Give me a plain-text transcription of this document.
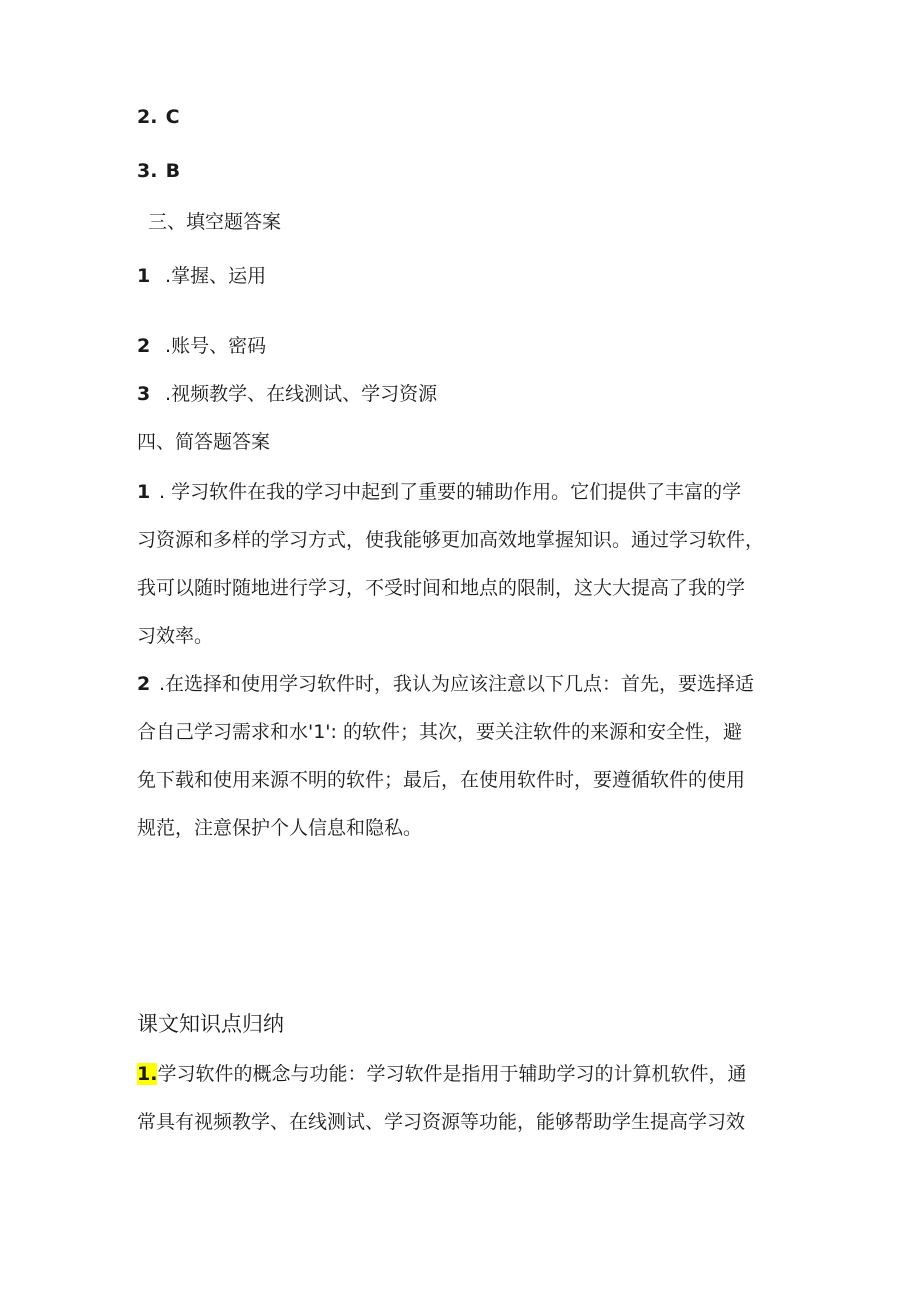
2. C
3. B
三、填空题答案
1 .掌握、运用
2 .账号、密码
3 .视频教学、在线测试、学习资源
四、简答题答案
1 . 学习软件在我的学习中起到了重要的辅助作用。它们提供了丰富的学
习资源和多样的学习方式，使我能够更加高效地掌握知识。通过学习软件，
我可以随时随地进行学习，不受时间和地点的限制，这大大提高了我的学
习效率。
2 .在选择和使用学习软件时，我认为应该注意以下几点：首先，要选择适
合自己学习需求和水'1': 的软件；其次，要关注软件的来源和安全性，避
免下载和使用来源不明的软件；最后，在使用软件时，要遵循软件的使用
规范，注意保护个人信息和隐私。
课文知识点归纳
1.学习软件的概念与功能：学习软件是指用于辅助学习的计算机软件，通
常具有视频教学、在线测试、学习资源等功能，能够帮助学生提高学习效
